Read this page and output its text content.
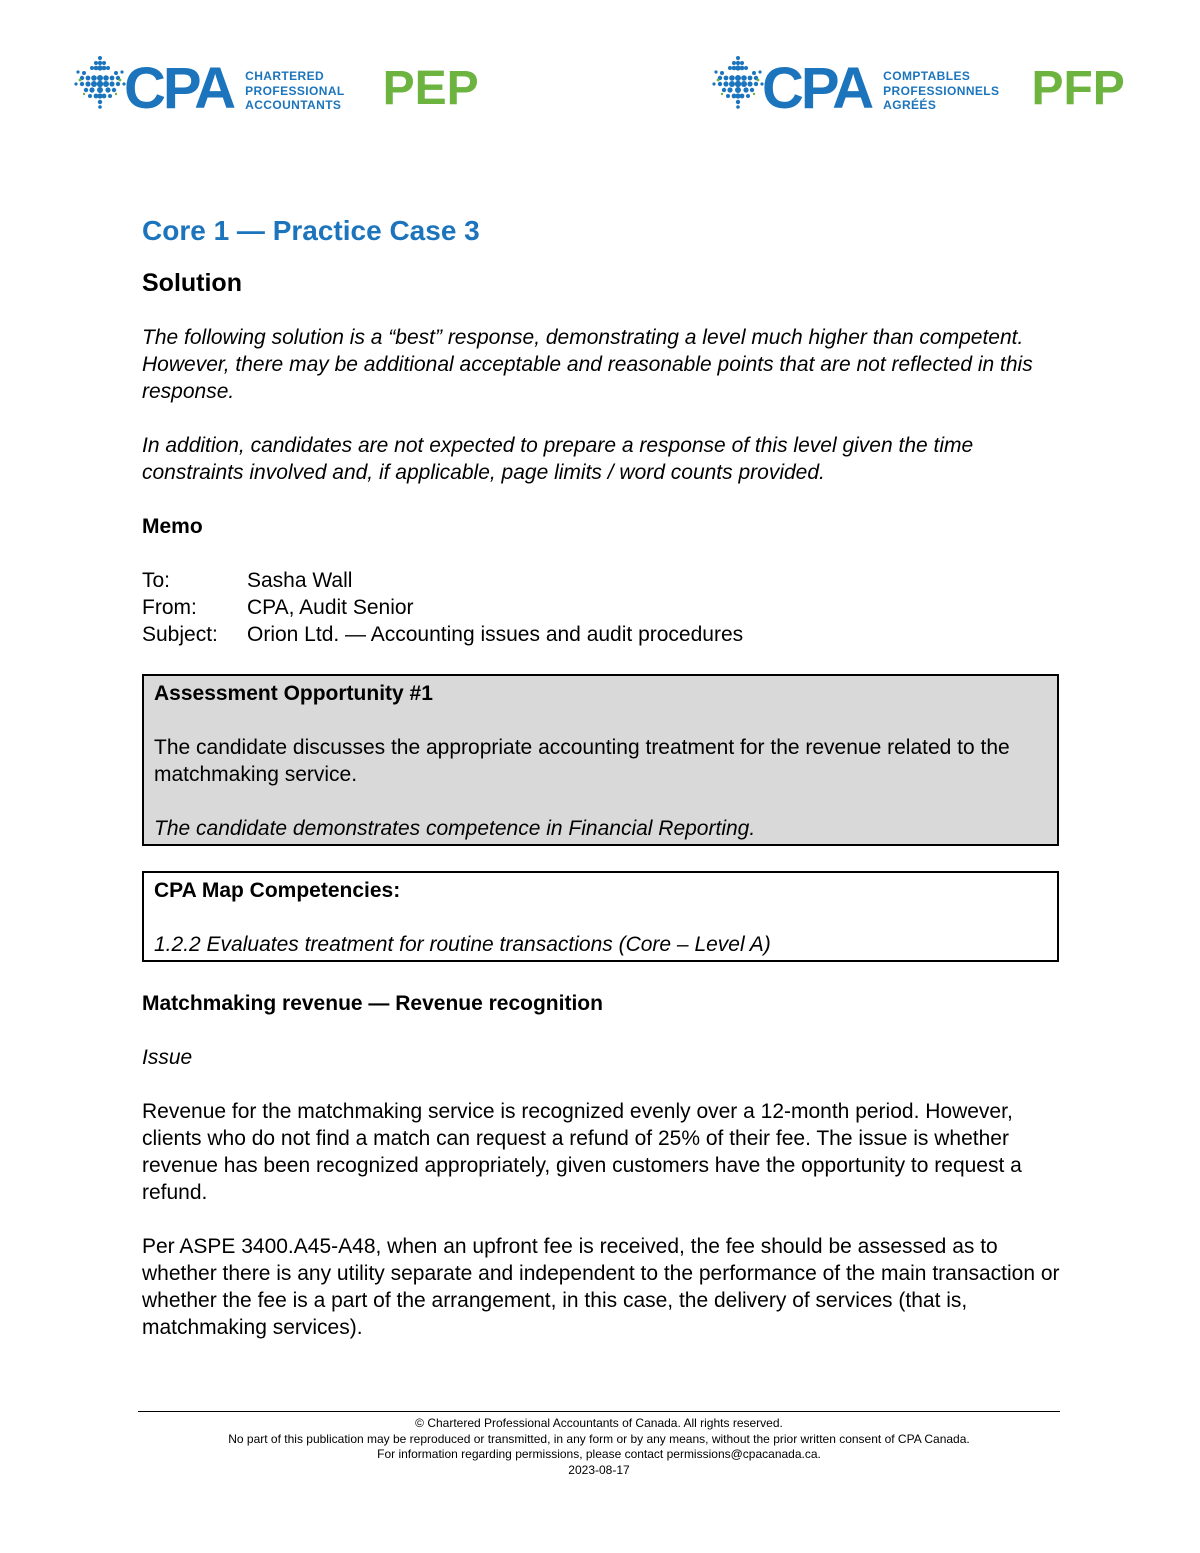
CPA CHARTERED
PROFESSIONAL
ACCOUNTANTS PEP	CPA COMPTABLES
PROFESSIONNELS
AGRÉÉS	PFP
Core 1 — Practice Case 3
Solution

The following solution is a “best” response, demonstrating a level much higher than competent. However, there may be additional acceptable and reasonable points that are not reflected in this response.

In addition, candidates are not expected to prepare a response of this level given the time constraints involved and, if applicable, page limits / word counts provided.

Memo

To:	Sasha Wall
From:	CPA, Audit Senior
Subject:	Orion Ltd. — Accounting issues and audit procedures

Assessment Opportunity #1

The candidate discusses the appropriate accounting treatment for the revenue related to the matchmaking service.

The candidate demonstrates competence in Financial Reporting.

CPA Map Competencies:

1.2.2 Evaluates treatment for routine transactions (Core – Level A)

Matchmaking revenue — Revenue recognition

Issue

Revenue for the matchmaking service is recognized evenly over a 12-month period. However, clients who do not find a match can request a refund of 25% of their fee. The issue is whether revenue has been recognized appropriately, given customers have the opportunity to request a refund.

Per ASPE 3400.A45-A48, when an upfront fee is received, the fee should be assessed as to whether there is any utility separate and independent to the performance of the main transaction or whether the fee is a part of the arrangement, in this case, the delivery of services (that is, matchmaking services).

© Chartered Professional Accountants of Canada. All rights reserved.
No part of this publication may be reproduced or transmitted, in any form or by any means, without the prior written consent of CPA Canada.
For information regarding permissions, please contact permissions@cpacanada.ca.
2023-08-17
